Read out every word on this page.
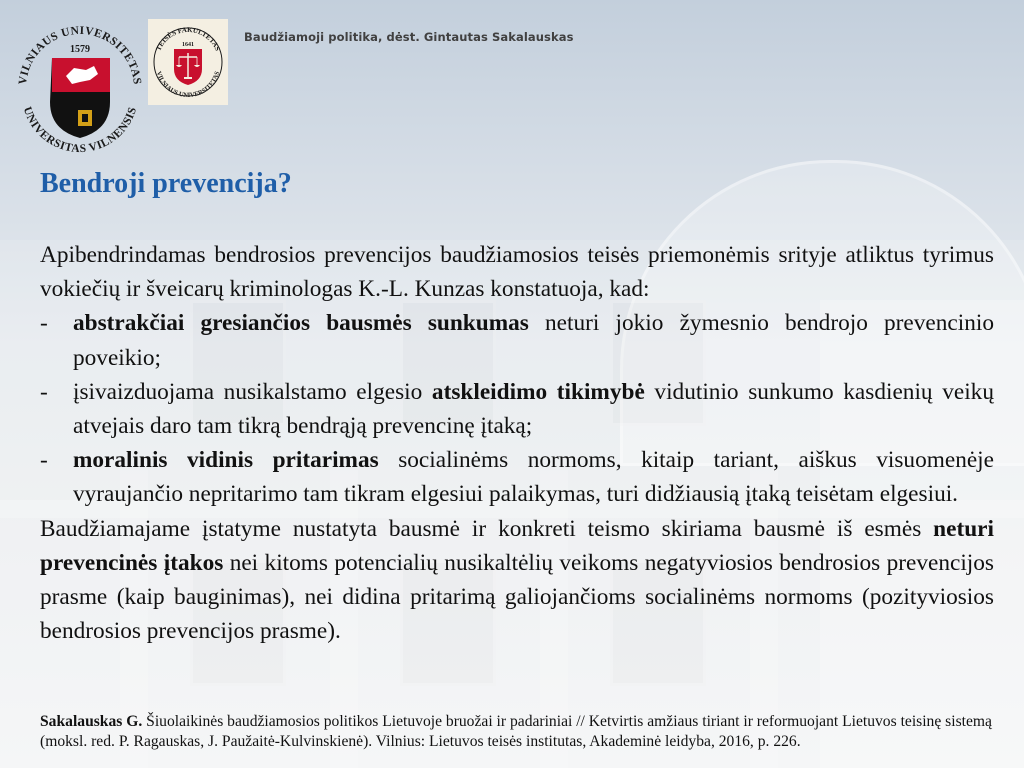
VILNIAUS UNIVERSITETAS
UNIVERSITAS VILNENSIS
1579	TEISĖS FAKULTETAS
VILNIAUS UNIVERSITETAS
1641
Baudžiamoji politika, dėst. Gintautas Sakalauskas
Bendroji prevencija?

Apibendrindamas bendrosios prevencijos baudžiamosios teisės priemonėmis srityje atliktus tyrimus vokiečių ir šveicarų kriminologas K.-L. Kunzas konstatuoja, kad:

- abstrakčiai gresiančios bausmės sunkumas neturi jokio žymesnio bendrojo prevencinio poveikio;
- įsivaizduojama nusikalstamo elgesio atskleidimo tikimybė vidutinio sunkumo kasdienių veikų atvejais daro tam tikrą bendrąją prevencinę įtaką;
- moralinis vidinis pritarimas socialinėms normoms, kitaip tariant, aiškus visuomenėje vyraujančio nepritarimo tam tikram elgesiui palaikymas, turi didžiausią įtaką teisėtam elgesiui.

Baudžiamajame įstatyme nustatyta bausmė ir konkreti teismo skiriama bausmė iš esmės neturi prevencinės įtakos nei kitoms potencialių nusikaltėlių veikoms negatyviosios bendrosios prevencijos prasme (kaip bauginimas), nei didina pritarimą galiojančioms socialinėms normoms (pozityviosios bendrosios prevencijos prasme).

Sakalauskas G. Šiuolaikinės baudžiamosios politikos Lietuvoje bruožai ir padariniai // Ketvirtis amžiaus tiriant ir reformuojant Lietuvos teisinę sistemą (moksl. red. P. Ragauskas, J. Paužaitė-Kulvinskienė). Vilnius: Lietuvos teisės institutas, Akademinė leidyba, 2016, p. 226.
